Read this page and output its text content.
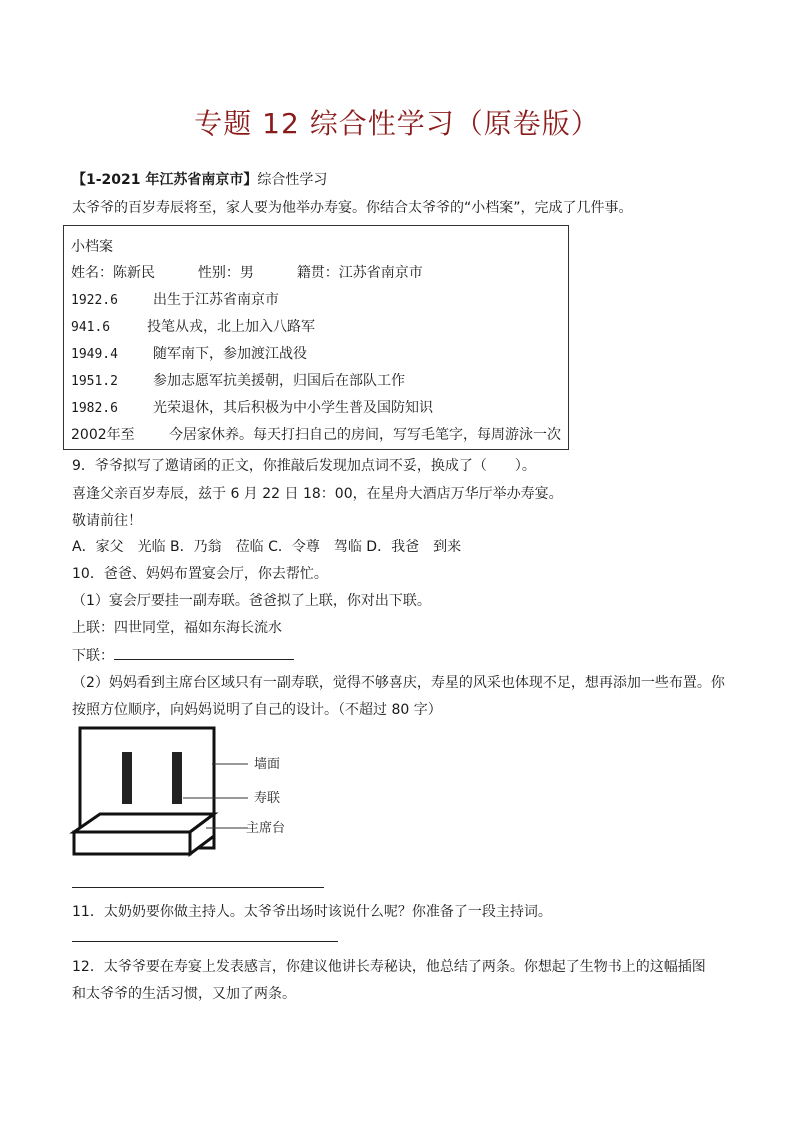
专题 12 综合性学习（原卷版）
【1-2021 年江苏省南京市】综合性学习
太爷爷的百岁寿辰将至，家人要为他举办寿宴。你结合太爷爷的“小档案”，完成了几件事。
小档案
姓名：陈新民	性别：男	籍贯：江苏省南京市
1922.6	出生于江苏省南京市
941.6	投笔从戎，北上加入八路军
1949.4	随军南下，参加渡江战役
1951.2	参加志愿军抗美援朝，归国后在部队工作
1982.6	光荣退休，其后积极为中小学生普及国防知识
2002年至 今居家休养。每天打扫自己的房间，写写毛笔字，每周游泳一次
9．爷爷拟写了邀请函的正文，你推敲后发现加点词不妥，换成了（　　）。
喜逢父亲百岁寿辰，兹于 6 月 22 日 18：00，在星舟大酒店万华厅举办寿宴。
敬请前往！
A．家父　光临 B．乃翁　莅临 C．令尊　驾临 D．我爸　到来
10．爸爸、妈妈布置宴会厅，你去帮忙。
（1）宴会厅要挂一副寿联。爸爸拟了上联，你对出下联。
上联：四世同堂，福如东海长流水
下联：
（2）妈妈看到主席台区域只有一副寿联，觉得不够喜庆，寿星的风采也体现不足，想再添加一些布置。你
按照方位顺序，向妈妈说明了自己的设计。（不超过 80 字）
墙面
寿联
主席台
11．太奶奶要你做主持人。太爷爷出场时该说什么呢？你准备了一段主持词。
12．太爷爷要在寿宴上发表感言，你建议他讲长寿秘诀，他总结了两条。你想起了生物书上的这幅插图
和太爷爷的生活习惯，又加了两条。
